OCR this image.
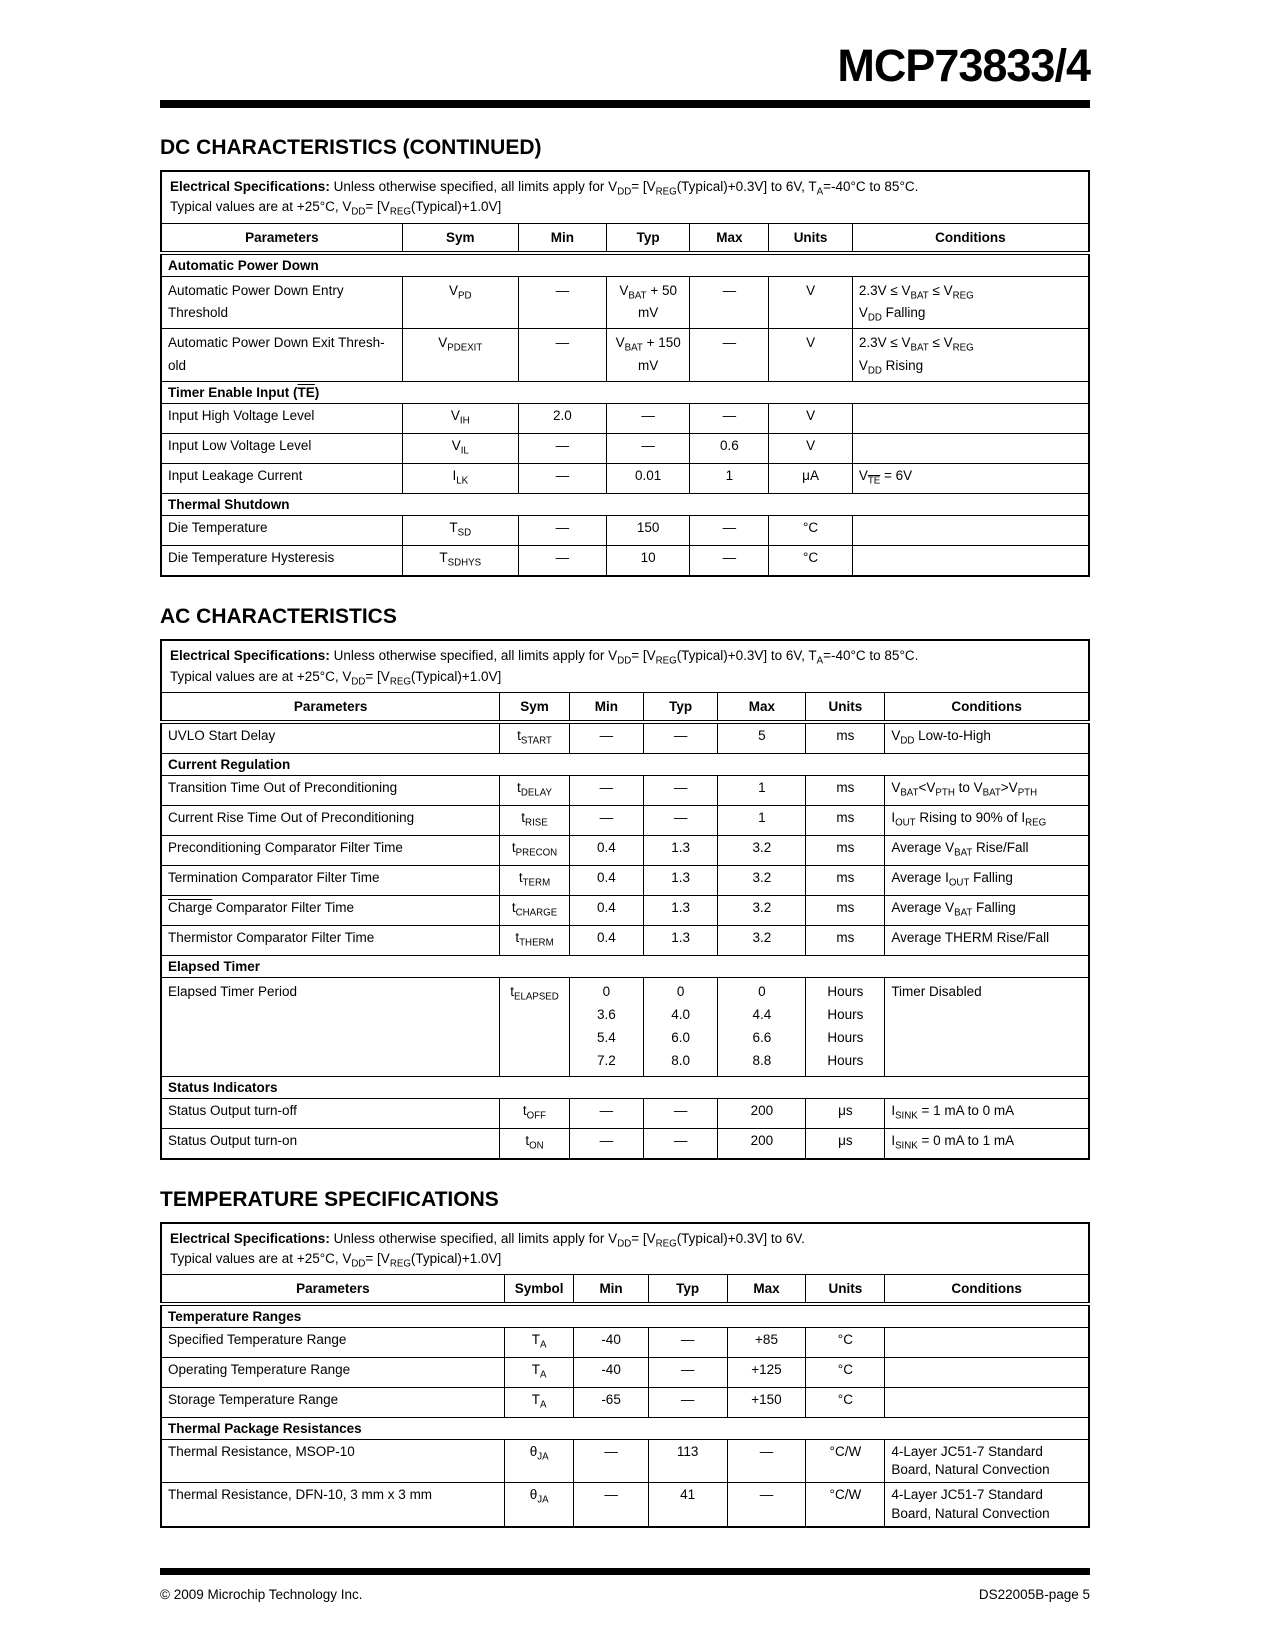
MCP73833/4
DC CHARACTERISTICS (CONTINUED)
Electrical Specifications: Unless otherwise specified, all limits apply for $V_{DD}=$ $[V_{REG}(Typical)+0.3V]$ to 6V, $T_A=-40^\circ C$ to 85°C.
Typical values are at +25°C, $V_{DD}=$ $[V_{REG}(Typical)+1.0V]$						
Parameters	Sym	Min	Typ	Max	Units	Conditions
Automatic Power Down						
Automatic Power Down Entry Threshold	$V_{PD}$	—	$V_{BAT} + 50$ mV	—	V	$2.3V \le V_{BAT} \le V_{REG}$
$V_{DD}$ Falling
Automatic Power Down Exit Thresh-
old	$V_{PDEXIT}$	—	$V_{BAT} + 150$ mV	—	V	$2.3V \le V_{BAT} \le V_{REG}$
$V_{DD}$ Rising
Timer Enable Input $(\overline{TE})$						
Input High Voltage Level	$V_{IH}$	2.0	—	—	V	
Input Low Voltage Level	$V_{IL}$	—	—	0.6	V	
Input Leakage Current	$I_{LK}$	—	0.01	1	μA	$V_{\overline{TE}} = 6V$
Thermal Shutdown						
Die Temperature	$T_{SD}$	—	150	—	°C	
Die Temperature Hysteresis	$T_{SDHYS}$	—	10	—	°C	
AC CHARACTERISTICS
Electrical Specifications: Unless otherwise specified, all limits apply for $V_{DD}=$ $[V_{REG}(Typical)+0.3V]$ to 6V, $T_A=-40^\circ C$ to 85°C.
Typical values are at +25°C, $V_{DD}=$ $[V_{REG}(Typical)+1.0V]$						
Parameters	Sym	Min	Typ	Max	Units	Conditions
UVLO Start Delay	$t_{START}$	—	—	5	ms	$V_{DD}$ Low-to-High
Current Regulation						
Transition Time Out of Preconditioning	$t_{DELAY}$	—	—	1	ms	$V_{BAT}<V_{PTH}$ to $V_{BAT}>V_{PTH}$
Current Rise Time Out of Preconditioning	$t_{RISE}$	—	—	1	ms	$I_{OUT}$ Rising to 90% of $I_{REG}$
Preconditioning Comparator Filter Time	$t_{PRECON}$	0.4	1.3	3.2	ms	Average $V_{BAT}$ Rise/Fall
Termination Comparator Filter Time	$t_{TERM}$	0.4	1.3	3.2	ms	Average $I_{OUT}$ Falling
Charge Comparator Filter Time	$t_{CHARGE}$	0.4	1.3	3.2	ms	Average $V_{BAT}$ Falling
Thermistor Comparator Filter Time	$t_{THERM}$	0.4	1.3	3.2	ms	Average THERM Rise/Fall
Elapsed Timer						
Elapsed Timer Period	$t_{ELAPSED}$	0
3.6
5.4
7.2	0
4.0
6.0
8.0	0
4.4
6.6
8.8	Hours
Hours
Hours
Hours	Timer Disabled
Status Indicators						
Status Output turn-off	$t_{OFF}$	—	—	200	μs	$I_{SINK} = 1$ mA to 0 mA
Status Output turn-on	$t_{ON}$	—	—	200	μs	$I_{SINK} = 0$ mA to 1 mA
TEMPERATURE SPECIFICATIONS
Electrical Specifications: Unless otherwise specified, all limits apply for $V_{DD}=$ $[V_{REG}(Typical)+0.3V]$ to 6V.
Typical values are at +25°C, $V_{DD}=$ $[V_{REG}(Typical)+1.0V]$						
Parameters	Symbol	Min	Typ	Max	Units	Conditions
Temperature Ranges						
Specified Temperature Range	$T_A$	-40	—	+85	°C	
Operating Temperature Range	$T_A$	-40	—	+125	°C	
Storage Temperature Range	$T_A$	-65	—	+150	°C	
Thermal Package Resistances						
Thermal Resistance, MSOP-10	$\theta_{JA}$	—	113	—	°C/W	4-Layer JC51-7 Standard Board, Natural Convection
Thermal Resistance, DFN-10, 3 mm x 3 mm	$\theta_{JA}$	—	41	—	°C/W	4-Layer JC51-7 Standard Board, Natural Convection
© 2009 Microchip Technology Inc.	DS22005B-page 5
